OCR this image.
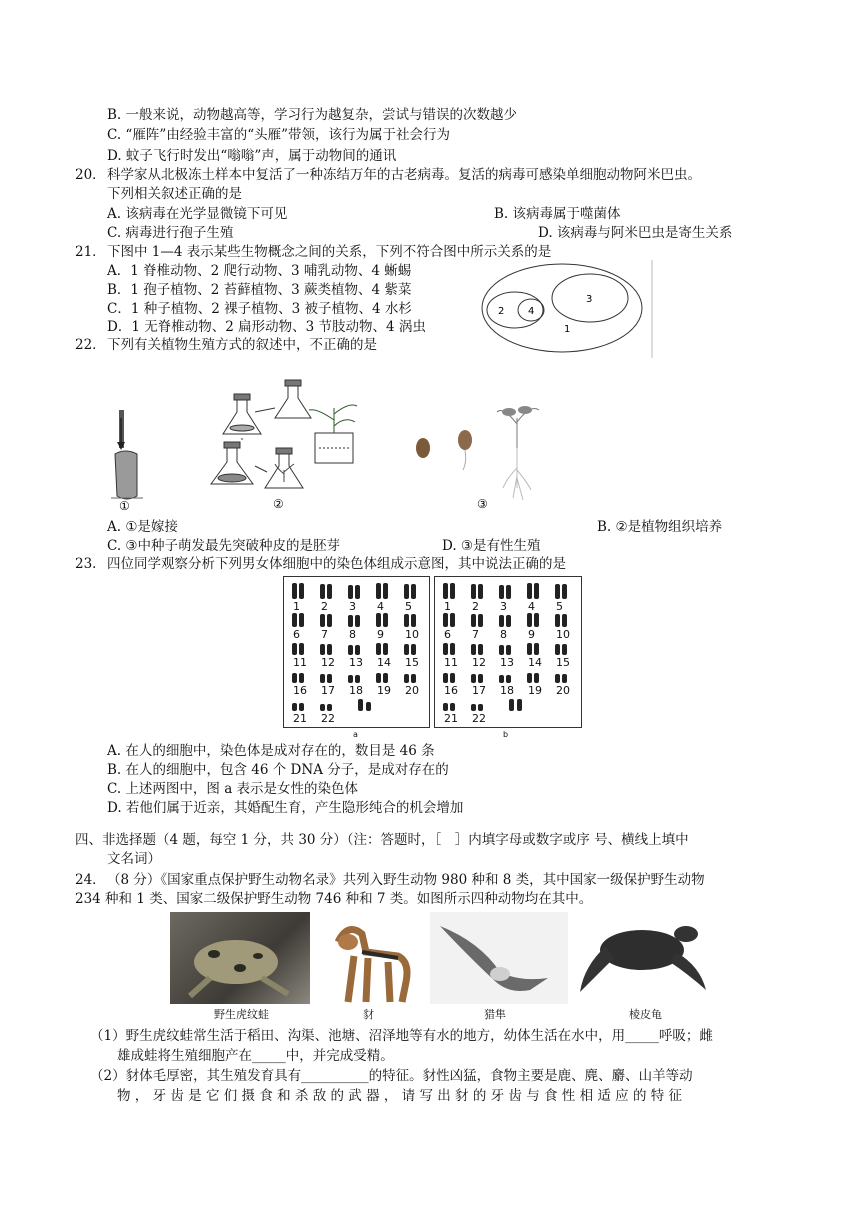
B. 一般来说，动物越高等，学习行为越复杂，尝试与错误的次数越少
C. “雁阵”由经验丰富的“头雁”带领，该行为属于社会行为
D. 蚊子飞行时发出“嗡嗡”声，属于动物间的通讯
20． 科学家从北极冻土样本中复活了一种冻结万年的古老病毒。复活的病毒可感染单细胞动物阿米巴虫。
下列相关叙述正确的是
A. 该病毒在光学显微镜下可见	B. 该病毒属于噬菌体
C. 病毒进行孢子生殖	D. 该病毒与阿米巴虫是寄生关系
21． 下图中 1—4 表示某些生物概念之间的关系，下列不符合图中所示关系的是
A．1 脊椎动物、2 爬行动物、3 哺乳动物、4 蜥蜴
B．1 孢子植物、2 苔藓植物、3 蕨类植物、4 紫菜
C．1 种子植物、2 裸子植物、3 被子植物、4 水杉
D．1 无脊椎动物、2 扁形动物、3 节肢动物、4 涡虫	1
2 4
3
22． 下列有关植物生殖方式的叙述中，不正确的是
①	②	③
A. ①是嫁接	B. ②是植物组织培养
C. ③中种子萌发最先突破种皮的是胚芽	D. ③是有性生殖
23． 四位同学观察分析下列男女体细胞中的染色体组成示意图，其中说法正确的是
1 2 3 4 5
6 7 8 9 10
11 12 13 14 15
16 17 18 19 20
21 22
1 2 3 4 5
6 7 8 9 10
11 12 13 14 15
16 17 18 19 20
21 22
a	b
A. 在人的细胞中，染色体是成对存在的，数目是 46 条
B. 在人的细胞中，包含 46 个 DNA 分子，是成对存在的
C. 上述两图中，图 a 表示是女性的染色体
D. 若他们属于近亲，其婚配生育，产生隐形纯合的机会增加
四、非选择题（4 题，每空 1 分，共 30 分）（注：答题时，［　］内填字母或数字或序 号、横线上填中
文名词）
24． （8 分）《国家重点保护野生动物名录》共列入野生动物 980 种和 8 类，其中国家一级保护野生动物
234 种和 1 类、国家二级保护野生动物 746 种和 7 类。如图所示四种动物均在其中。
野生虎纹蛙	豺	猎隼	棱皮龟
（1）野生虎纹蛙常生活于稻田、沟渠、池塘、沼泽地等有水的地方，幼体生活在水中，用_____呼吸；雌
雄成蛙将生殖细胞产在_____中，并完成受精。
（2）豺体毛厚密，其生殖发育具有__________的特征。豺性凶猛，食物主要是鹿、麂、麝、山羊等动
物 ， 牙 齿 是 它 们 摄 食 和 杀 敌 的 武 器 ， 请 写 出 豺 的 牙 齿 与 食 性 相 适 应 的 特 征
